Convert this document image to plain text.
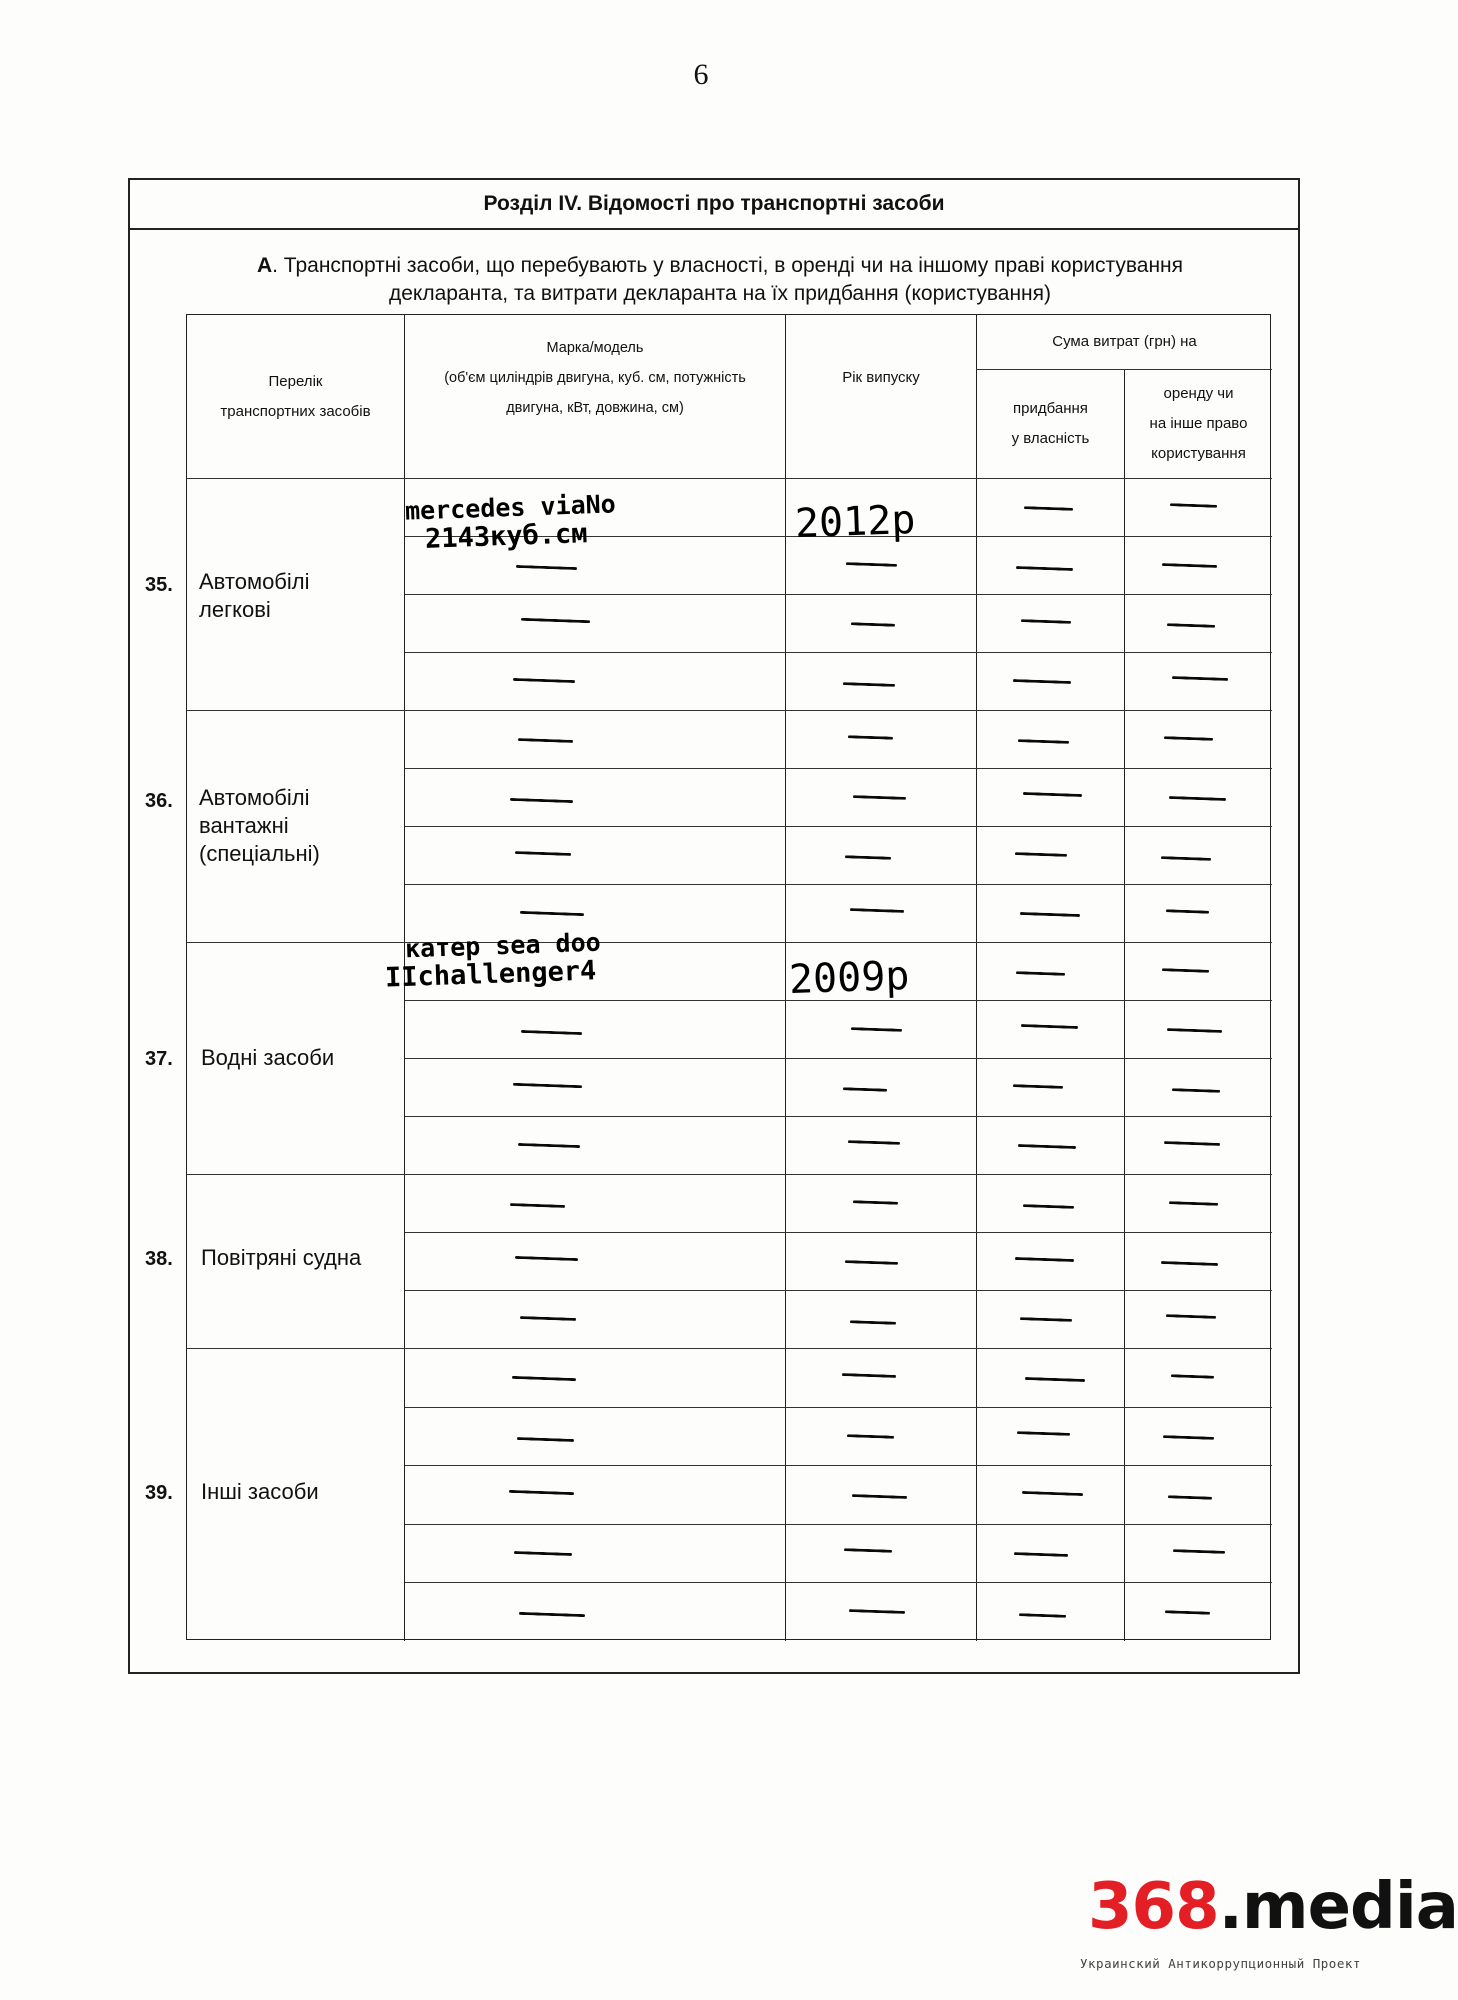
6
Розділ IV. Відомості про транспортні засоби
А. Транспортні засоби, що перебувають у власності, в оренді чи на іншому праві користування
декларанта, та витрати декларанта на їх придбання (користування)
Перелік
транспортних засобів
Марка/модель
(об'єм циліндрів двигуна, куб. см, потужність
двигуна, кВт, довжина, см)
Рік випуску
Сума витрат (грн) на
придбання
у власність
оренду чи
на інше право
користування
35. Автомобілі
легкові
36. Автомобілі
вантажні
(спеціальні)
37. Водні засоби
38. Повітряні судна
39. Інші засоби
mercedes viaNo
2143куб.см	2012р
катер sea doo
IIchallenger4	2009р
368.media
Украинский Антикоррупционный Проект
